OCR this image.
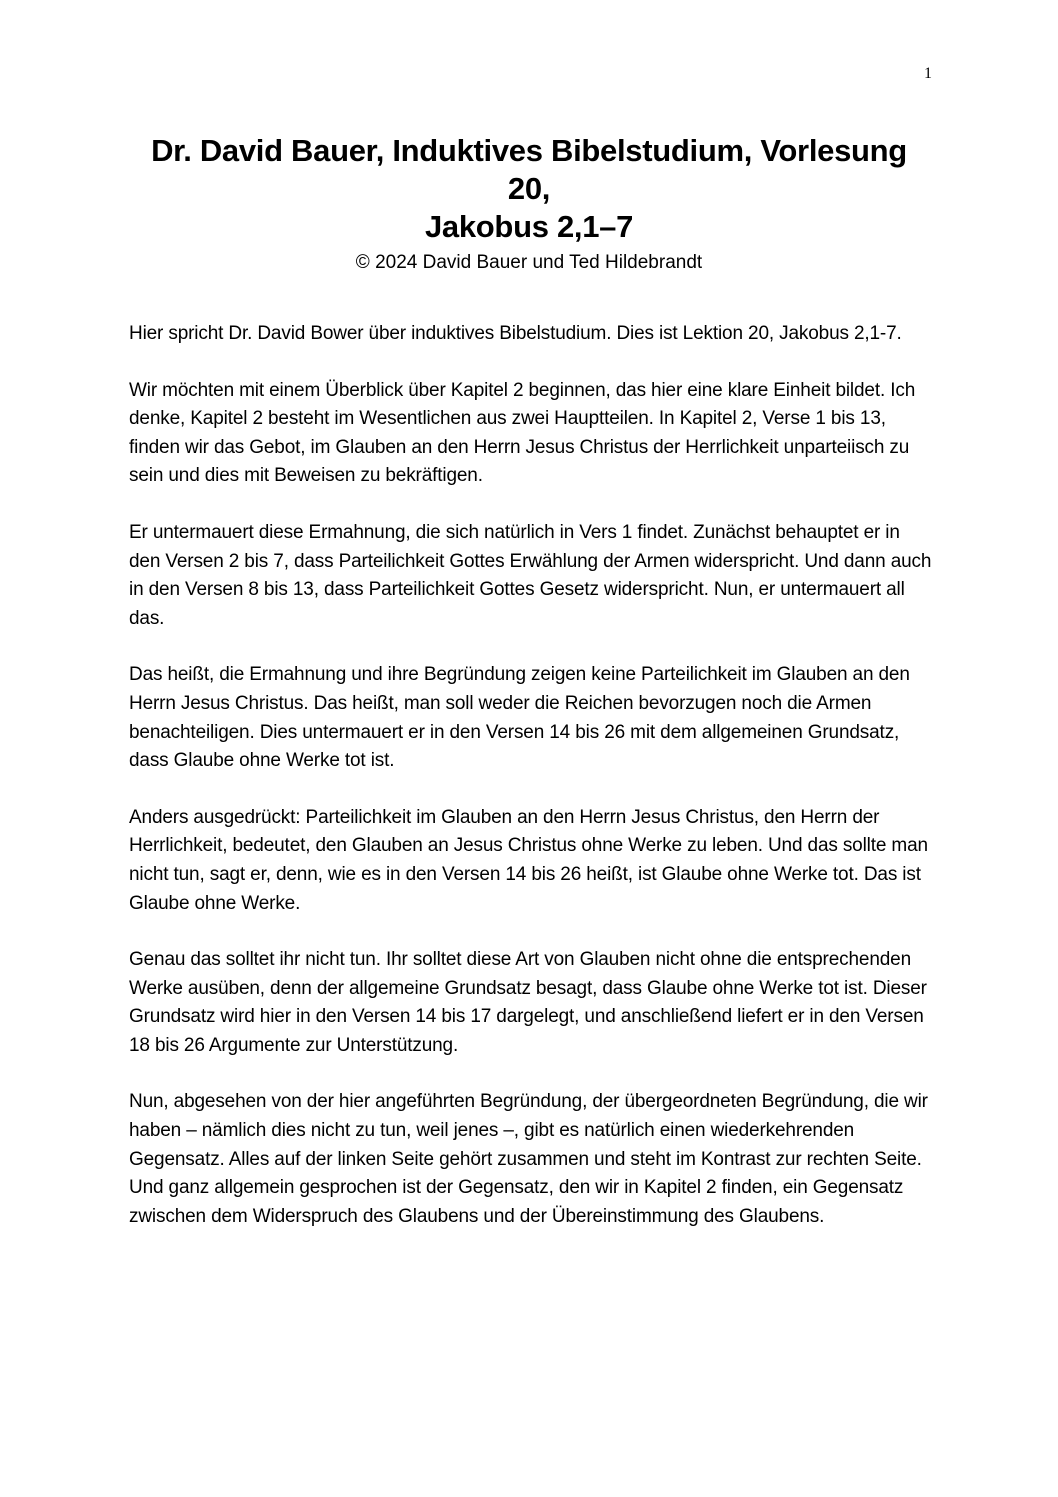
1
Dr. David Bauer, Induktives Bibelstudium, Vorlesung
20,
Jakobus 2,1–7
© 2024 David Bauer und Ted Hildebrandt

Hier spricht Dr. David Bower über induktives Bibelstudium. Dies ist Lektion 20, Jakobus 2,1-7.

Wir möchten mit einem Überblick über Kapitel 2 beginnen, das hier eine klare Einheit bildet. Ich denke, Kapitel 2 besteht im Wesentlichen aus zwei Hauptteilen. In Kapitel 2, Verse 1 bis 13, finden wir das Gebot, im Glauben an den Herrn Jesus Christus der Herrlichkeit unparteiisch zu sein und dies mit Beweisen zu bekräftigen.

Er untermauert diese Ermahnung, die sich natürlich in Vers 1 findet. Zunächst behauptet er in den Versen 2 bis 7, dass Parteilichkeit Gottes Erwählung der Armen widerspricht. Und dann auch in den Versen 8 bis 13, dass Parteilichkeit Gottes Gesetz widerspricht. Nun, er untermauert all das.

Das heißt, die Ermahnung und ihre Begründung zeigen keine Parteilichkeit im Glauben an den Herrn Jesus Christus. Das heißt, man soll weder die Reichen bevorzugen noch die Armen benachteiligen. Dies untermauert er in den Versen 14 bis 26 mit dem allgemeinen Grundsatz, dass Glaube ohne Werke tot ist.

Anders ausgedrückt: Parteilichkeit im Glauben an den Herrn Jesus Christus, den Herrn der Herrlichkeit, bedeutet, den Glauben an Jesus Christus ohne Werke zu leben. Und das sollte man nicht tun, sagt er, denn, wie es in den Versen 14 bis 26 heißt, ist Glaube ohne Werke tot. Das ist Glaube ohne Werke.

Genau das solltet ihr nicht tun. Ihr solltet diese Art von Glauben nicht ohne die entsprechenden Werke ausüben, denn der allgemeine Grundsatz besagt, dass Glaube ohne Werke tot ist. Dieser Grundsatz wird hier in den Versen 14 bis 17 dargelegt, und anschließend liefert er in den Versen 18 bis 26 Argumente zur Unterstützung.

Nun, abgesehen von der hier angeführten Begründung, der übergeordneten Begründung, die wir haben – nämlich dies nicht zu tun, weil jenes –, gibt es natürlich einen wiederkehrenden Gegensatz. Alles auf der linken Seite gehört zusammen und steht im Kontrast zur rechten Seite. Und ganz allgemein gesprochen ist der Gegensatz, den wir in Kapitel 2 finden, ein Gegensatz zwischen dem Widerspruch des Glaubens und der Übereinstimmung des Glaubens.
